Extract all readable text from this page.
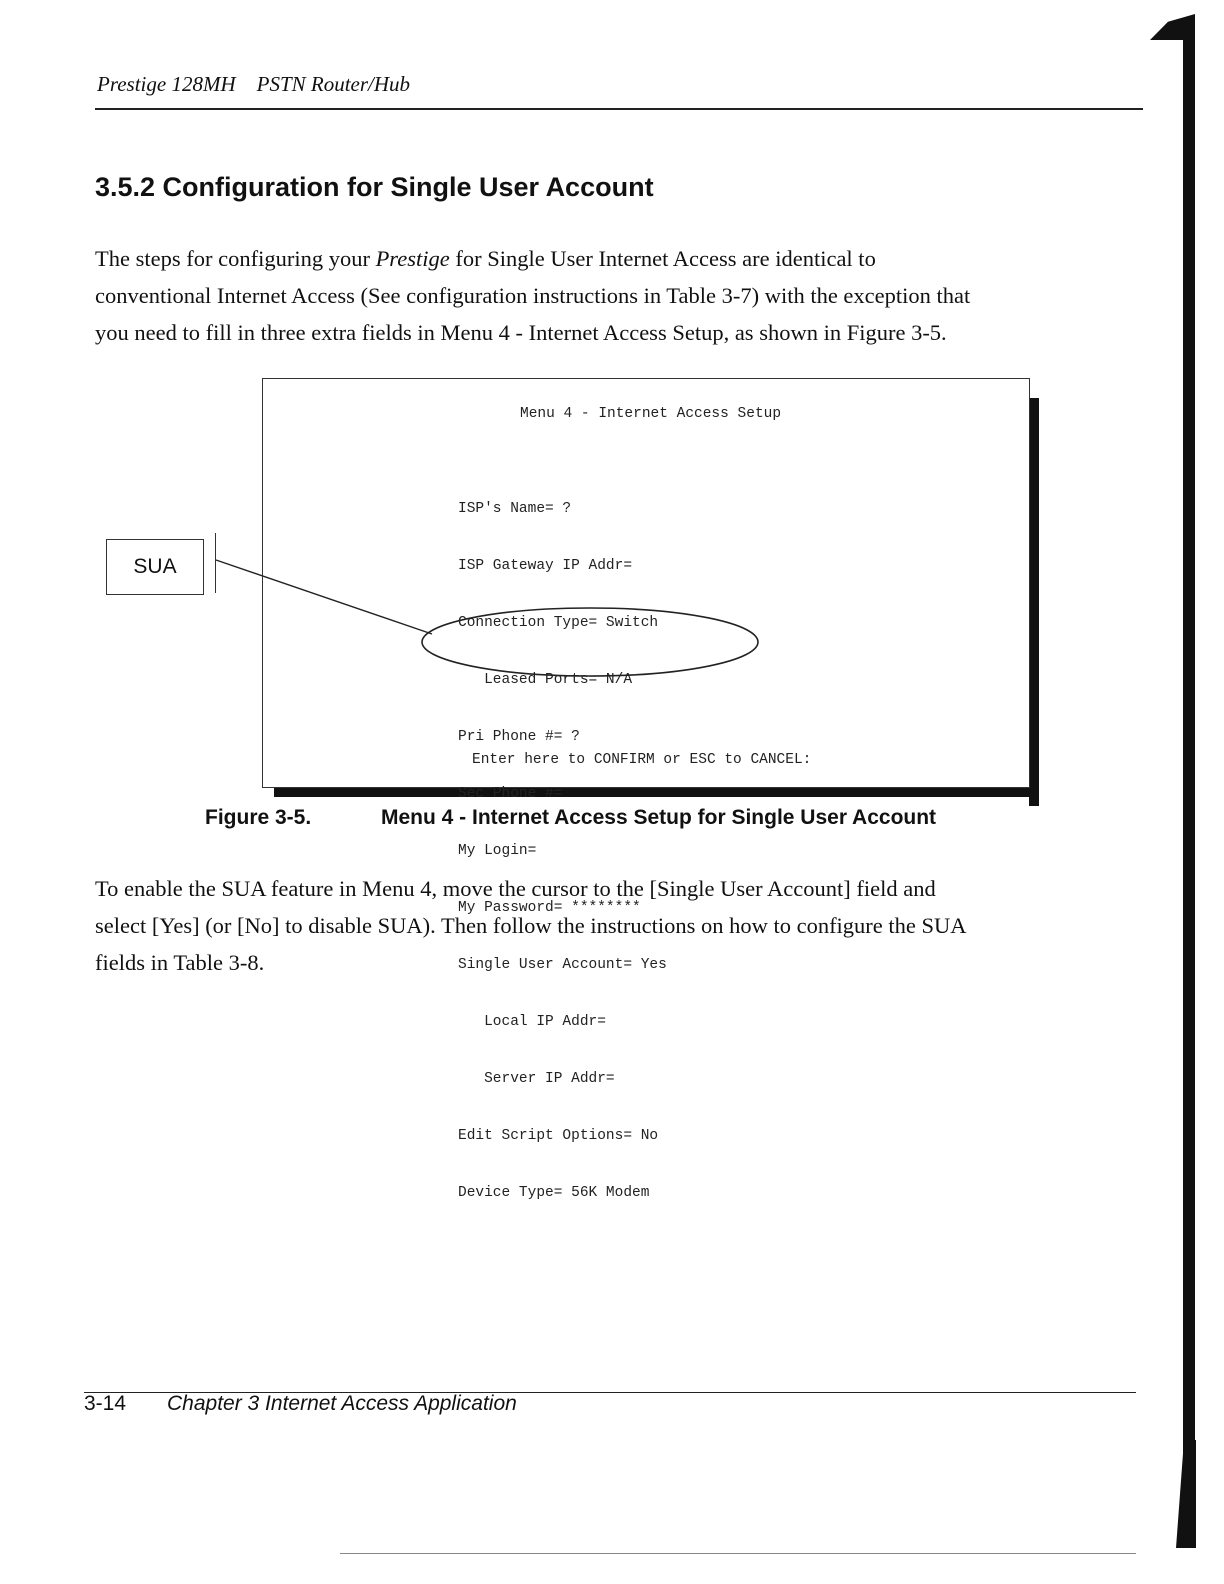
Prestige 128MH    PSTN Router/Hub
3.5.2 Configuration for Single User Account
The steps for configuring your Prestige for Single User Internet Access are identical to
conventional Internet Access (See configuration instructions in Table 3-7) with the exception that
you need to fill in three extra fields in Menu 4 - Internet Access Setup, as shown in Figure 3-5.
Menu 4 - Internet Access Setup

ISP's Name= ?

ISP Gateway IP Addr=

Connection Type= Switch

Leased Ports= N/A

Pri Phone #= ?

Sec Phone #=

My Login=

My Password= ********

Single User Account= Yes

Local IP Addr=

Server IP Addr=

Edit Script Options= No

Device Type= 56K Modem

Enter here to CONFIRM or ESC to CANCEL:
SUA
Figure 3-5.	Menu 4 - Internet Access Setup for Single User Account
To enable the SUA feature in Menu 4, move the cursor to the [Single User Account] field and
select [Yes] (or [No] to disable SUA). Then follow the instructions on how to configure the SUA
fields in Table 3-8.
3-14 Chapter 3 Internet Access Application
